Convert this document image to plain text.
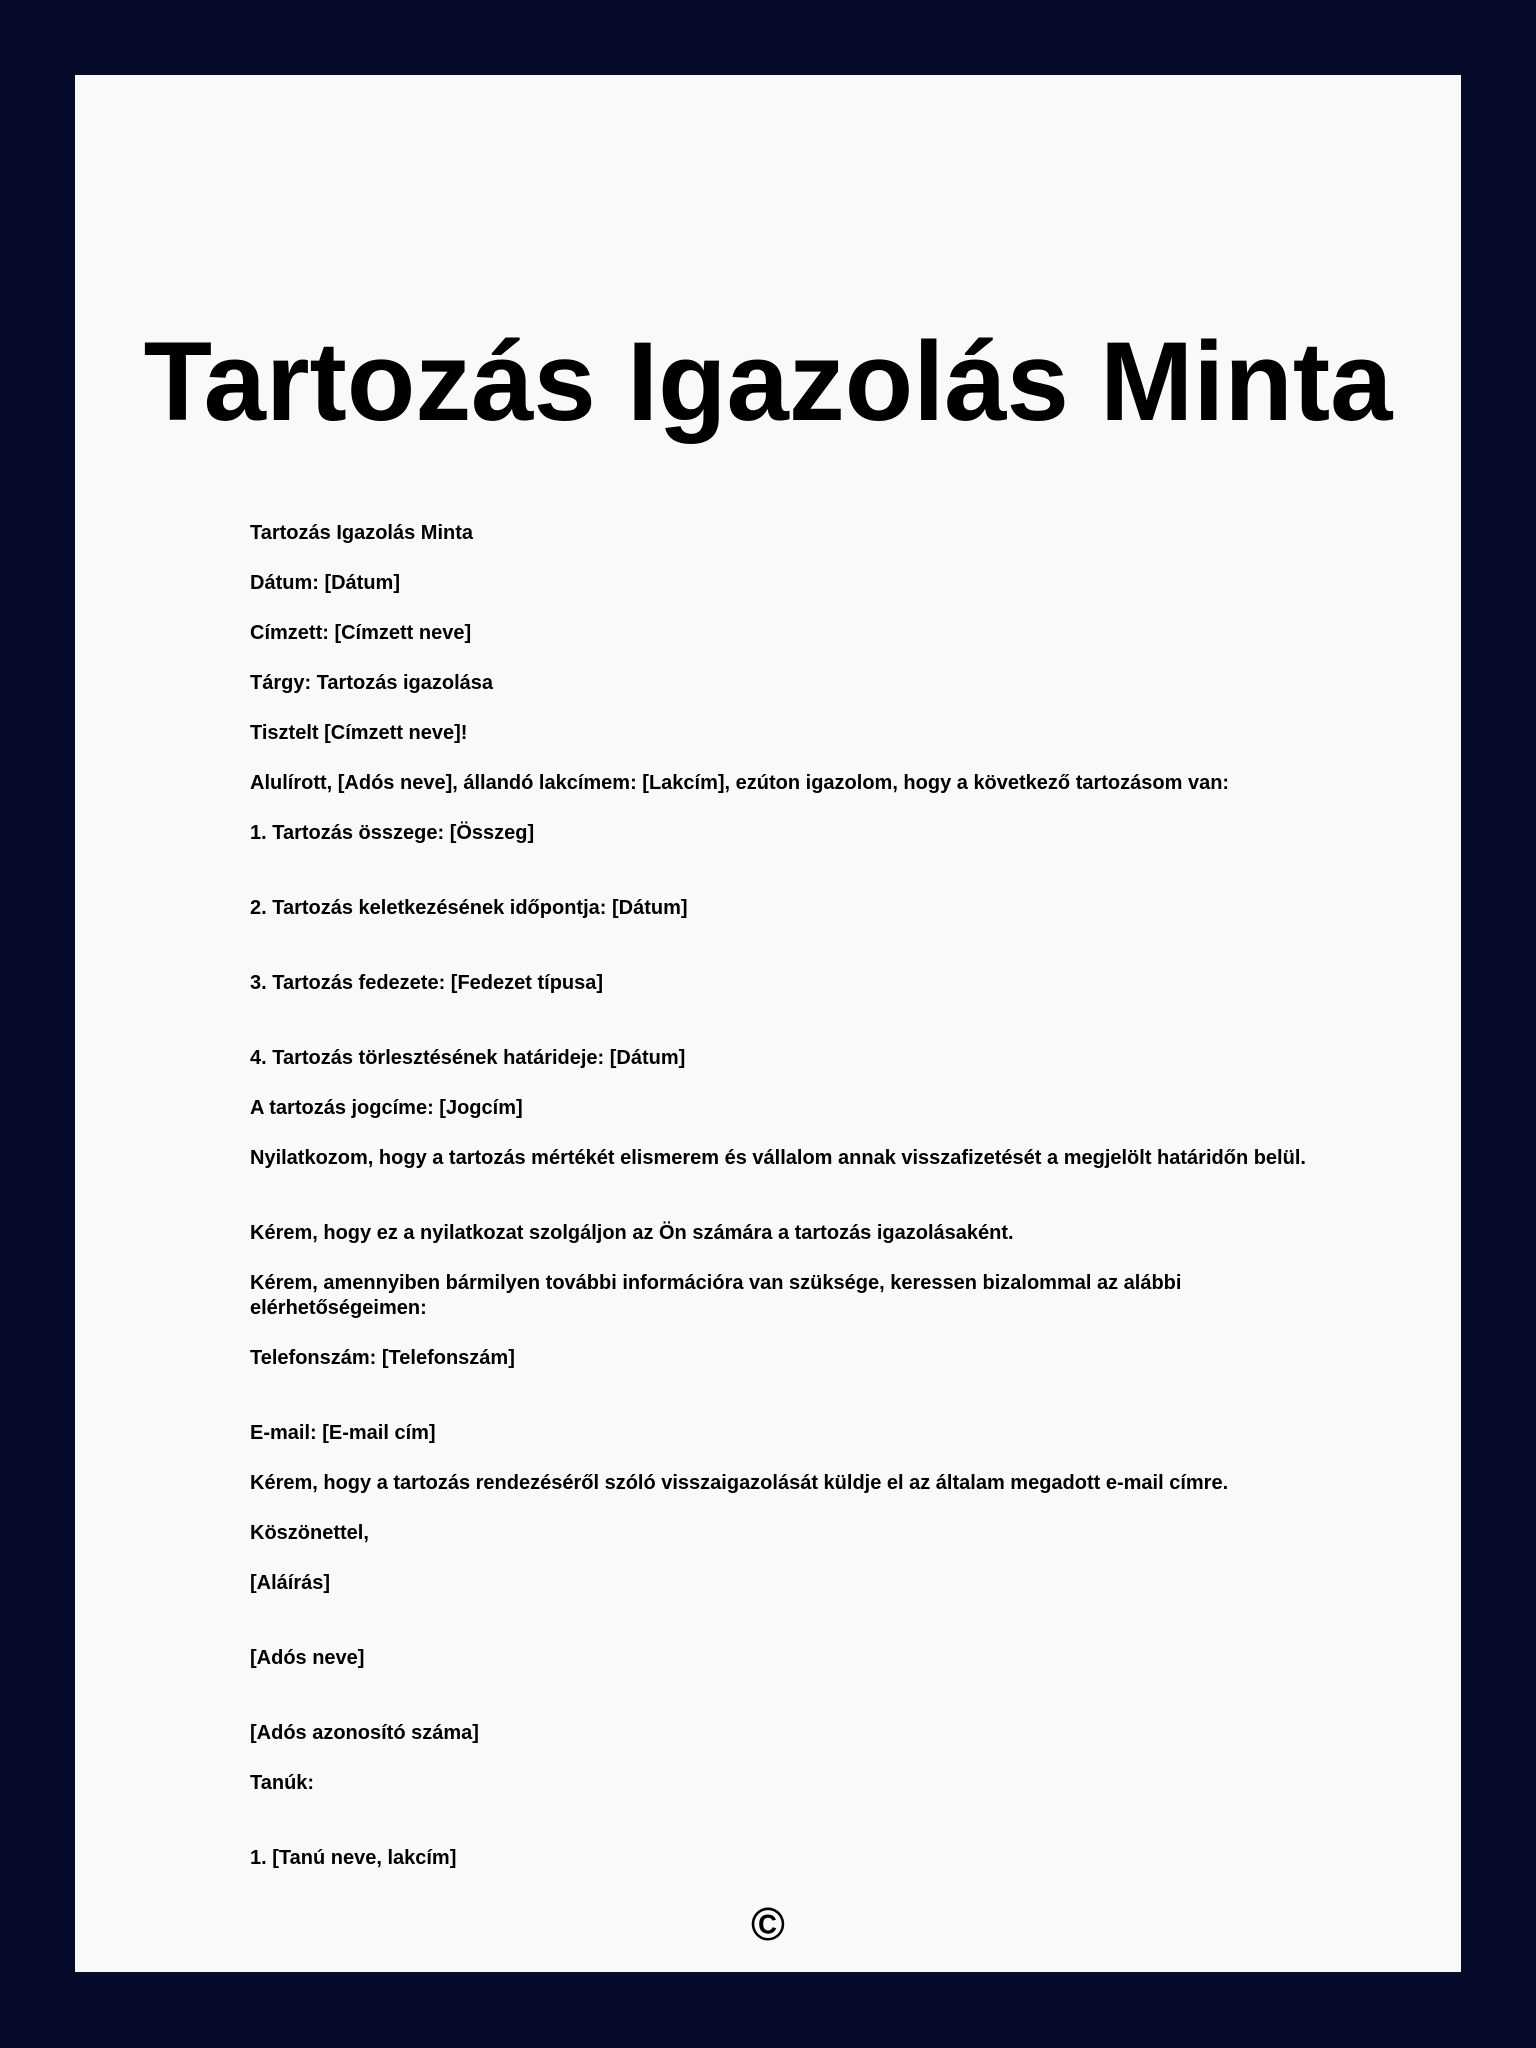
Tartozás Igazolás Minta

Tartozás Igazolás Minta

Dátum: [Dátum]

Címzett: [Címzett neve]

Tárgy: Tartozás igazolása

Tisztelt [Címzett neve]!

Alulírott, [Adós neve], állandó lakcímem: [Lakcím], ezúton igazolom, hogy a következő tartozásom van:

1. Tartozás összege: [Összeg]

2. Tartozás keletkezésének időpontja: [Dátum]

3. Tartozás fedezete: [Fedezet típusa]

4. Tartozás törlesztésének határideje: [Dátum]

A tartozás jogcíme: [Jogcím]

Nyilatkozom, hogy a tartozás mértékét elismerem és vállalom annak visszafizetését a megjelölt határidőn belül.

Kérem, hogy ez a nyilatkozat szolgáljon az Ön számára a tartozás igazolásaként.

Kérem, amennyiben bármilyen további információra van szüksége, keressen bizalommal az alábbi elérhetőségeimen:

Telefonszám: [Telefonszám]

E-mail: [E-mail cím]

Kérem, hogy a tartozás rendezéséről szóló visszaigazolását küldje el az általam megadott e-mail címre.

Köszönettel,

[Aláírás]

[Adós neve]

[Adós azonosító száma]

Tanúk:

1. [Tanú neve, lakcím]

©
